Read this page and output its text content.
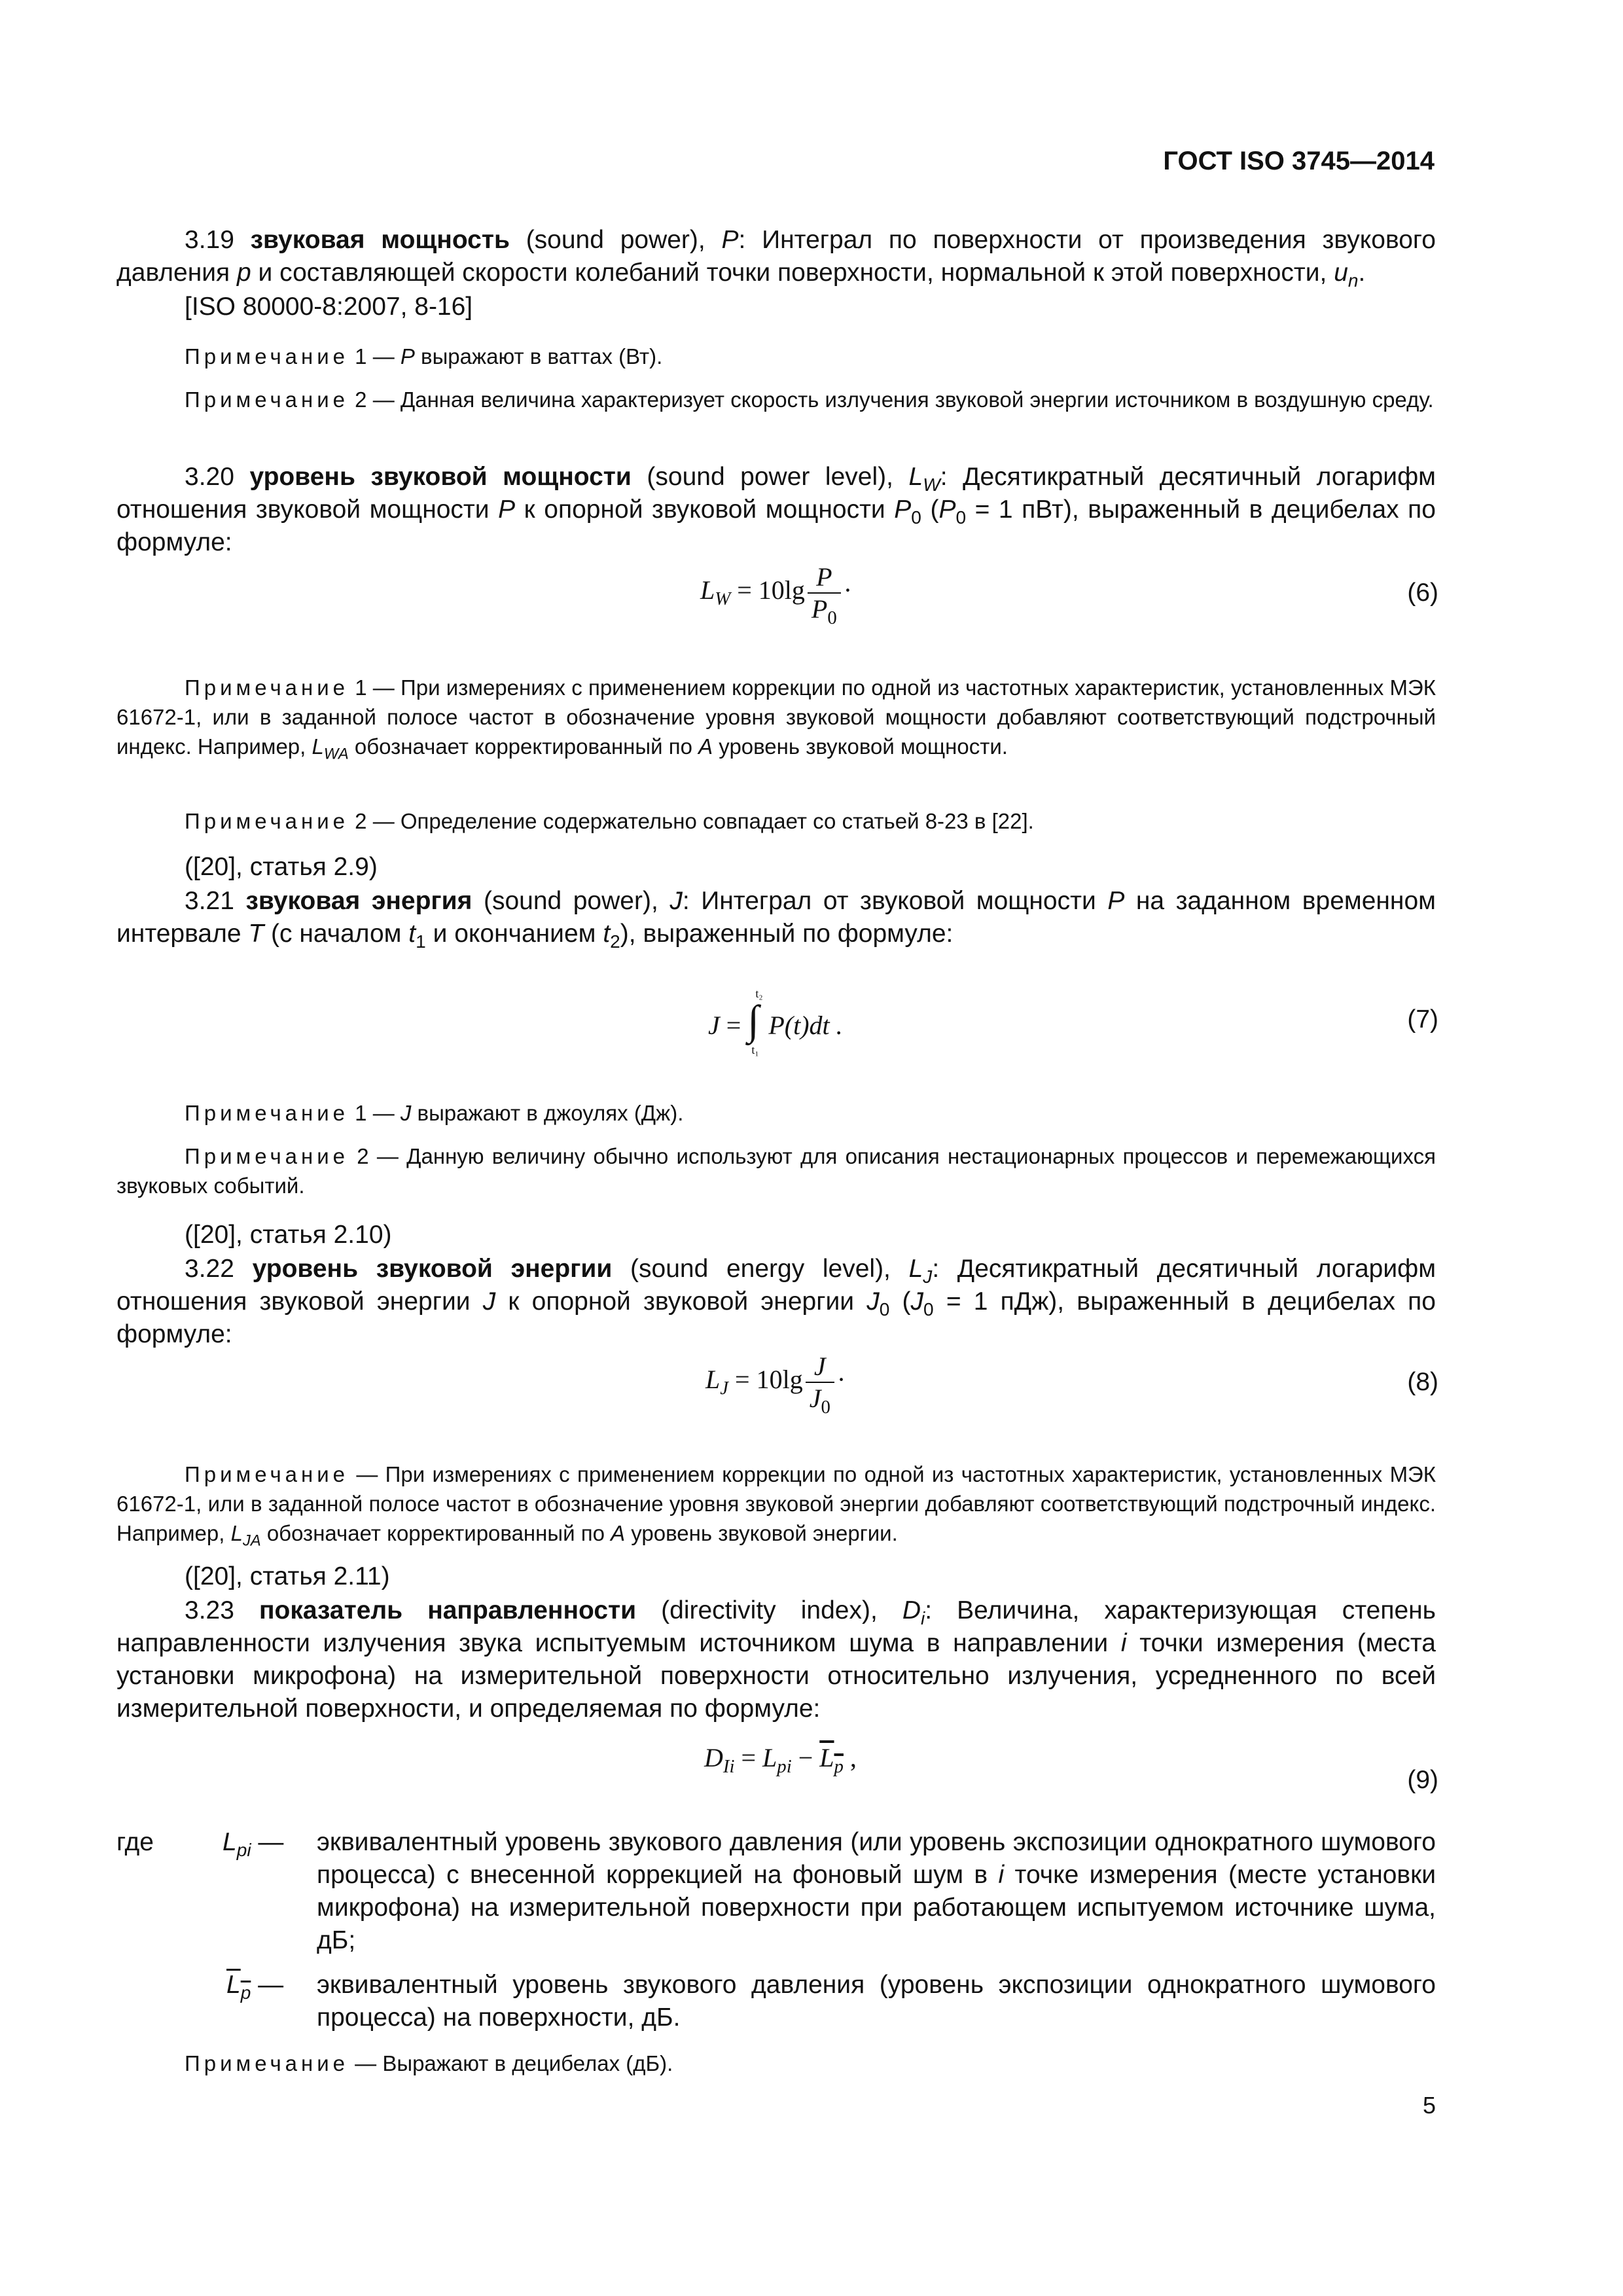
ГОСТ ISO 3745—2014
3.19 звуковая мощность (sound power), P: Интеграл по поверхности от произведения звукового давления p и составляющей скорости колебаний точки поверхности, нормальной к этой поверхности, $u_n$.
[ISO 80000-8:2007, 8-16]
Примечание 1 — P выражают в ваттах (Вт).
Примечание 2 — Данная величина характеризует скорость излучения звуковой энергии источником в воздушную среду.
3.20 уровень звуковой мощности (sound power level), $L_W$: Десятикратный десятичный логарифм отношения звуковой мощности P к опорной звуковой мощности $P_0$ ($P_0 = 1$ пВт), выраженный в децибелах по формуле:
$L_W = 10\lg \frac{P}{P_0}$ ·	(6)
Примечание 1 — При измерениях с применением коррекции по одной из частотных характеристик, установленных МЭК 61672-1, или в заданной полосе частот в обозначение уровня звуковой мощности добавляют соответствующий подстрочный индекс. Например, $L_{WA}$ обозначает корректированный по А уровень звуковой мощности.
Примечание 2 — Определение содержательно совпадает со статьей 8-23 в [22].
([20], статья 2.9)
3.21 звуковая энергия (sound power), J: Интеграл от звуковой мощности P на заданном временном интервале T (с началом $t_1$ и окончанием $t_2$), выраженный по формуле:
J = ∫
t₂
t₁
P(t)dt .	(7)
Примечание 1 — J выражают в джоулях (Дж).
Примечание 2 — Данную величину обычно используют для описания нестационарных процессов и перемежающихся звуковых событий.
([20], статья 2.10)
3.22 уровень звуковой энергии (sound energy level), $L_J$: Десятикратный десятичный логарифм отношения звуковой энергии J к опорной звуковой энергии $J_0$ ($J_0 = 1$ пДж), выраженный в децибелах по формуле:
$L_J = 10\lg \frac{J}{J_0}$ ·	(8)
Примечание — При измерениях с применением коррекции по одной из частотных характеристик, установленных МЭК 61672-1, или в заданной полосе частот в обозначение уровня звуковой энергии добавляют соответствующий подстрочный индекс. Например, $L_{JA}$ обозначает корректированный по А уровень звуковой энергии.
([20], статья 2.11)
3.23 показатель направленности (directivity index), $D_i$: Величина, характеризующая степень направленности излучения звука испытуемым источником шума в направлении i точки измерения (места установки микрофона) на измерительной поверхности относительно излучения, усредненного по всей измерительной поверхности, и определяемая по формуле:
$D_{Ii} = L_{pi} - L_p$ ,
(9)
где	$L_{pi}$ — эквивалентный уровень звукового давления (или уровень экспозиции однократного шумового процесса) с внесенной коррекцией на фоновый шум в i точке измерения (месте установки микрофона) на измерительной поверхности при работающем испытуемом источнике шума, дБ;
$L_p$ — эквивалентный уровень звукового давления (уровень экспозиции однократного шумового процесса) на поверхности, дБ.
Примечание — Выражают в децибелах (дБ).
5
